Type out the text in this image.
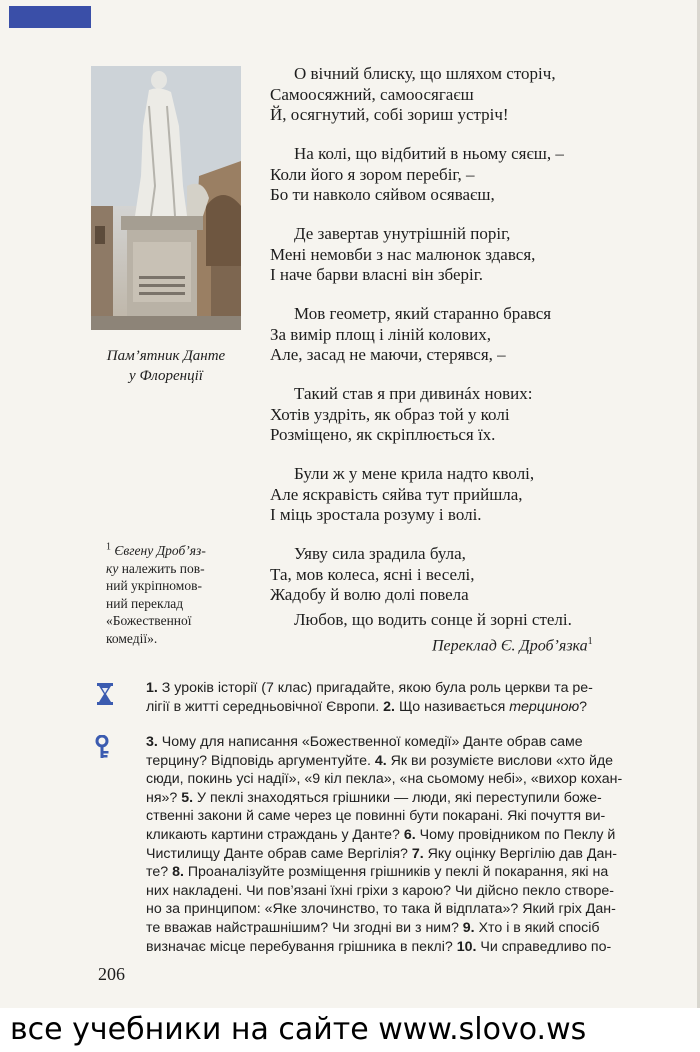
Пам’ятник Данте
у Флоренції
$^1$ Євгену Дроб’яз-
ку належить пов-
ний укріпномов-
ний переклад
«Божественної
комедії».
О вічний блиску, що шляхом сторіч,
Самоосяжний, самоосягаєш
Й, осягнутий, собі зориш устріч!
На колі, що відбитий в ньому сяєш, –
Коли його я зором перебіг, –
Бо ти навколо сяйвом осяваєш,
Де завертав унутрішній поріг,
Мені немовби з нас малюнок здався,
І наче барви власні він зберіг.
Мов геометр, який старанно брався
За вимір площ і ліній колових,
Але, засад не маючи, стерявся, –
Такий став я при дивинáх нових:
Хотів уздріть, як образ той у колі
Розміщено, як скріплюється їх.
Були ж у мене крила надто кволі,
Але яскравість сяйва тут прийшла,
І міць зростала розуму і волі.
Уяву сила зрадила була,
Та, мов колеса, ясні і веселі,
Жадобу й волю долі повела
Любов, що водить сонце й зорні стелі.
Переклад Є. Дроб’язка$^1$
1. З уроків історії (7 клас) пригадайте, якою була роль церкви та ре-
лігії в житті середньовічної Європи. 2. Що називається терциною?
3. Чому для написання «Божественної комедії» Данте обрав саме
терцину? Відповідь аргументуйте. 4. Як ви розумієте вислови «хто йде
сюди, покинь усі надії», «9 кіл пекла», «на сьомому небі», «вихор кохан-
ня»? 5. У пеклі знаходяться грішники — люди, які переступили боже-
ственні закони й саме через це повинні бути покарані. Які почуття ви-
кликають картини страждань у Данте? 6. Чому провідником по Пеклу й
Чистилищу Данте обрав саме Вергілія? 7. Яку оцінку Вергілію дав Дан-
те? 8. Проаналізуйте розміщення грішників у пеклі й покарання, які на
них накладені. Чи пов’язані їхні гріхи з карою? Чи дійсно пекло створе-
но за принципом: «Яке злочинство, то така й відплата»? Який гріх Дан-
те вважав найстрашнішим? Чи згодні ви з ним? 9. Хто і в який спосіб
визначає місце перебування грішника в пеклі? 10. Чи справедливо по-
206
все учебники на сайте www.slovo.ws
